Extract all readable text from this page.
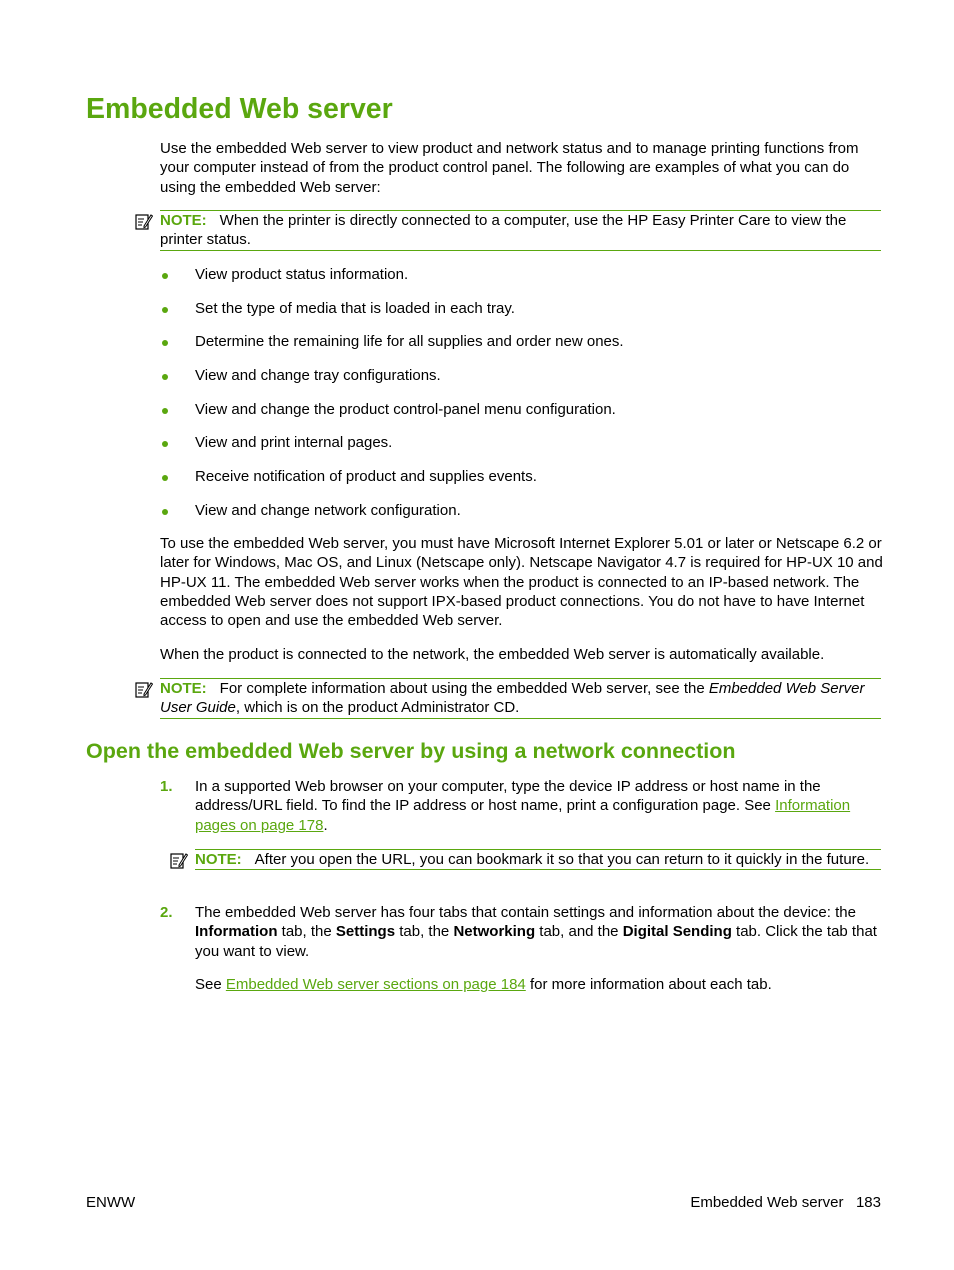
Embedded Web server

Use the embedded Web server to view product and network status and to manage printing functions from your computer instead of from the product control panel. The following are examples of what you can do using the embedded Web server:

NOTE: When the printer is directly connected to a computer, use the HP Easy Printer Care to view the printer status.
View product status information.
Set the type of media that is loaded in each tray.
Determine the remaining life for all supplies and order new ones.
View and change tray configurations.
View and change the product control-panel menu configuration.
View and print internal pages.
Receive notification of product and supplies events.
View and change network configuration.

To use the embedded Web server, you must have Microsoft Internet Explorer 5.01 or later or Netscape 6.2 or later for Windows, Mac OS, and Linux (Netscape only). Netscape Navigator 4.7 is required for HP-UX 10 and HP-UX 11. The embedded Web server works when the product is connected to an IP-based network. The embedded Web server does not support IPX-based product connections. You do not have to have Internet access to open and use the embedded Web server.

When the product is connected to the network, the embedded Web server is automatically available.

NOTE: For complete information about using the embedded Web server, see the Embedded Web Server User Guide, which is on the product Administrator CD.
Open the embedded Web server by using a network connection
1. In a supported Web browser on your computer, type the device IP address or host name in the address/URL field. To find the IP address or host name, print a configuration page. See Information pages on page 178.

NOTE: After you open the URL, you can bookmark it so that you can return to it quickly in the future.
2. The embedded Web server has four tabs that contain settings and information about the device: the Information tab, the Settings tab, the Networking tab, and the Digital Sending tab. Click the tab that you want to view.

See Embedded Web server sections on page 184 for more information about each tab.

ENWW	Embedded Web server 183
